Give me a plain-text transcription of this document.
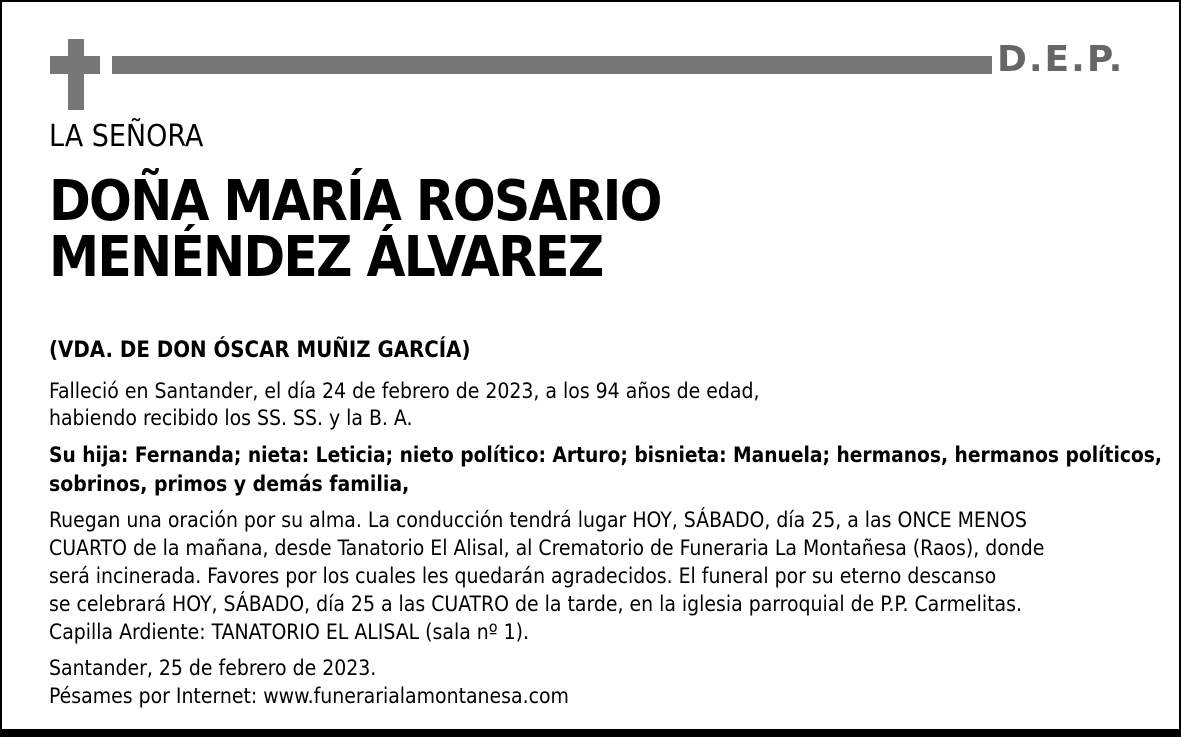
D.E.P.
LA SEÑORA
DOÑA MARÍA ROSARIO
MENÉNDEZ ÁLVAREZ
(VDA. DE DON ÓSCAR MUÑIZ GARCÍA)
Falleció en Santander, el día 24 de febrero de 2023, a los 94 años de edad,
habiendo recibido los SS. SS. y la B. A.
Su hija: Fernanda; nieta: Leticia; nieto político: Arturo; bisnieta: Manuela; hermanos, hermanos políticos,
sobrinos, primos y demás familia,
Ruegan una oración por su alma. La conducción tendrá lugar HOY, SÁBADO, día 25, a las ONCE MENOS
CUARTO de la mañana, desde Tanatorio El Alisal, al Crematorio de Funeraria La Montañesa (Raos), donde
será incinerada. Favores por los cuales les quedarán agradecidos. El funeral por su eterno descanso
se celebrará HOY, SÁBADO, día 25 a las CUATRO de la tarde, en la iglesia parroquial de P.P. Carmelitas.
Capilla Ardiente: TANATORIO EL ALISAL (sala nº 1).
Santander, 25 de febrero de 2023.
Pésames por Internet: www.funerarialamontanesa.com
